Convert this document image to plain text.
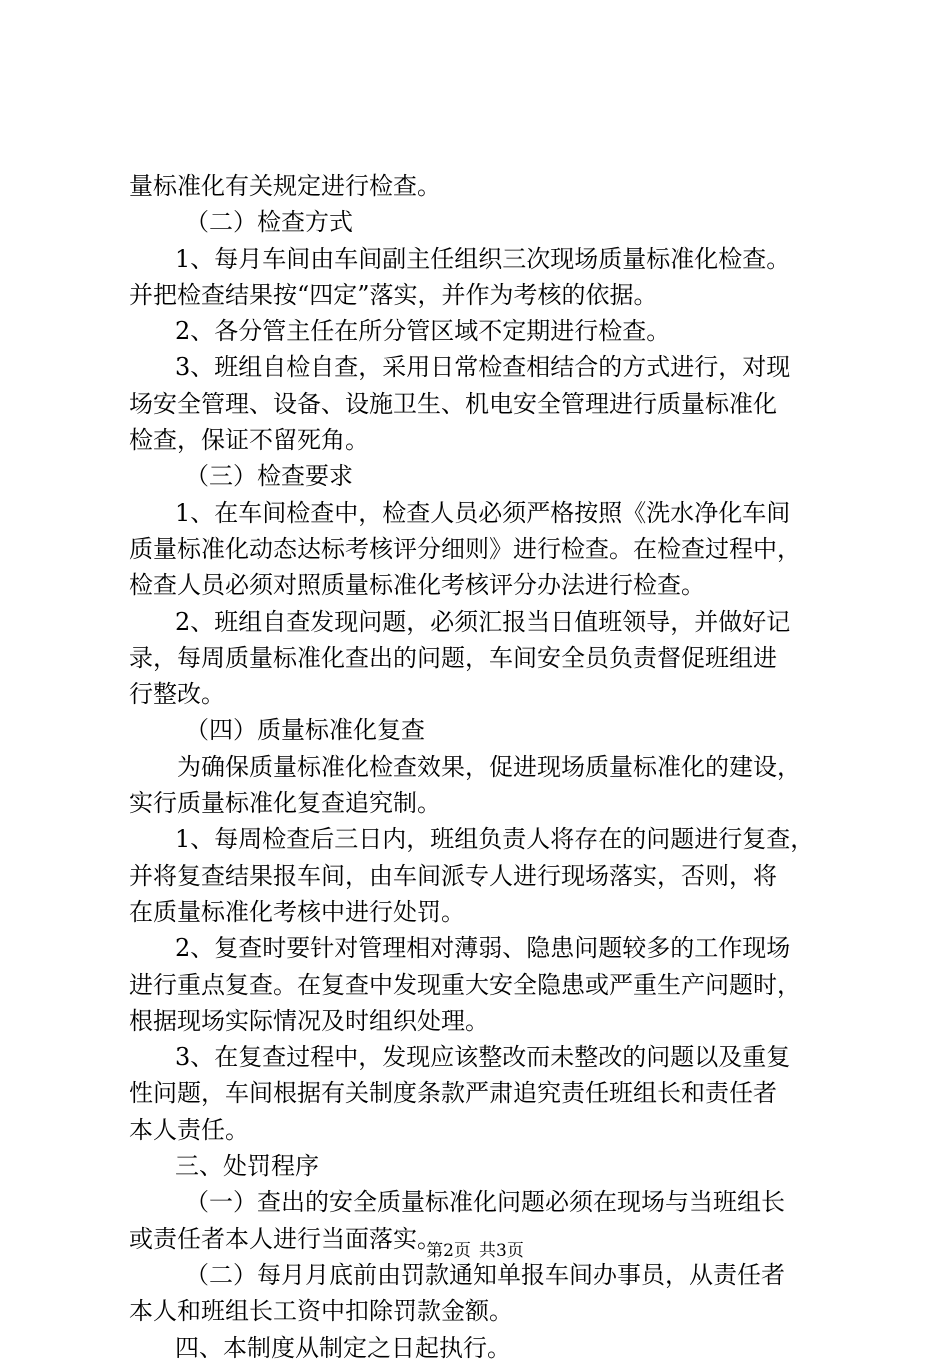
量标准化有关规定进行检查。
（二）检查方式
1、每月车间由车间副主任组织三次现场质量标准化检查。
并把检查结果按“四定”落实，并作为考核的依据。
2、各分管主任在所分管区域不定期进行检查。
3、班组自检自查，采用日常检查相结合的方式进行，对现
场安全管理、设备、设施卫生、机电安全管理进行质量标准化
检查，保证不留死角。
（三）检查要求
1、在车间检查中，检查人员必须严格按照《洗水净化车间
质量标准化动态达标考核评分细则》进行检查。在检查过程中，
检查人员必须对照质量标准化考核评分办法进行检查。
2、班组自查发现问题，必须汇报当日值班领导，并做好记
录，每周质量标准化查出的问题，车间安全员负责督促班组进
行整改。
（四）质量标准化复查
为确保质量标准化检查效果，促进现场质量标准化的建设，
实行质量标准化复查追究制。
1、每周检查后三日内，班组负责人将存在的问题进行复查，
并将复查结果报车间，由车间派专人进行现场落实，否则，将
在质量标准化考核中进行处罚。
2、复查时要针对管理相对薄弱、隐患问题较多的工作现场
进行重点复查。在复查中发现重大安全隐患或严重生产问题时，
根据现场实际情况及时组织处理。
3、在复查过程中，发现应该整改而未整改的问题以及重复
性问题，车间根据有关制度条款严肃追究责任班组长和责任者
本人责任。
三、处罚程序
（一）查出的安全质量标准化问题必须在现场与当班组长
或责任者本人进行当面落实。
（二）每月月底前由罚款通知单报车间办事员，从责任者
本人和班组长工资中扣除罚款金额。
四、本制度从制定之日起执行。
第2页 共3页
